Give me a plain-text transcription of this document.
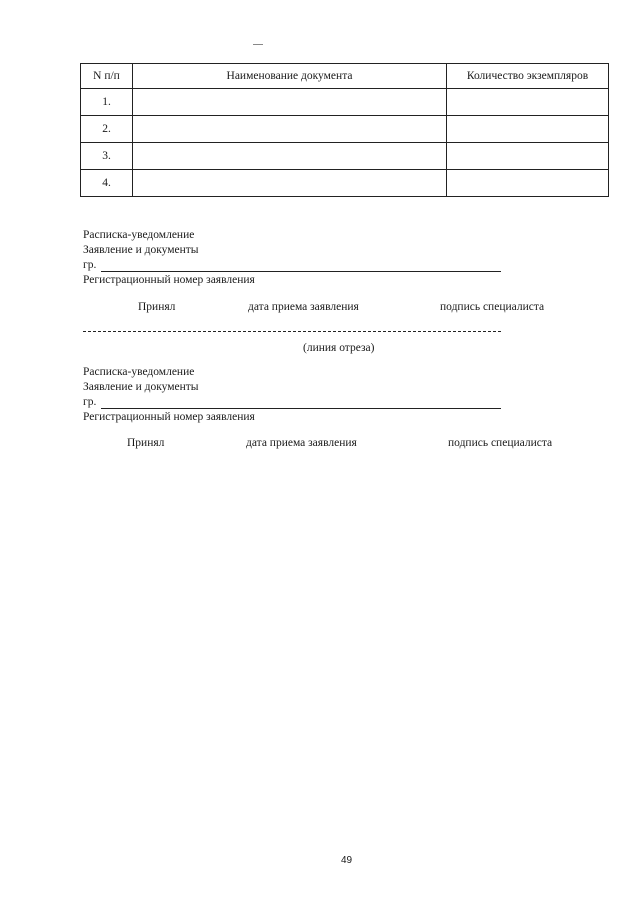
N п/п	Наименование документа	Количество экземпляров
1.		
2.		
3.		
4.		
Расписка-уведомление
Заявление и документы
гр.
Регистрационный номер заявления
Принял	дата приема заявления	подпись специалиста
(линия отреза)
Расписка-уведомление
Заявление и документы
гр.
Регистрационный номер заявления
Принял	дата приема заявления	подпись специалиста
49
